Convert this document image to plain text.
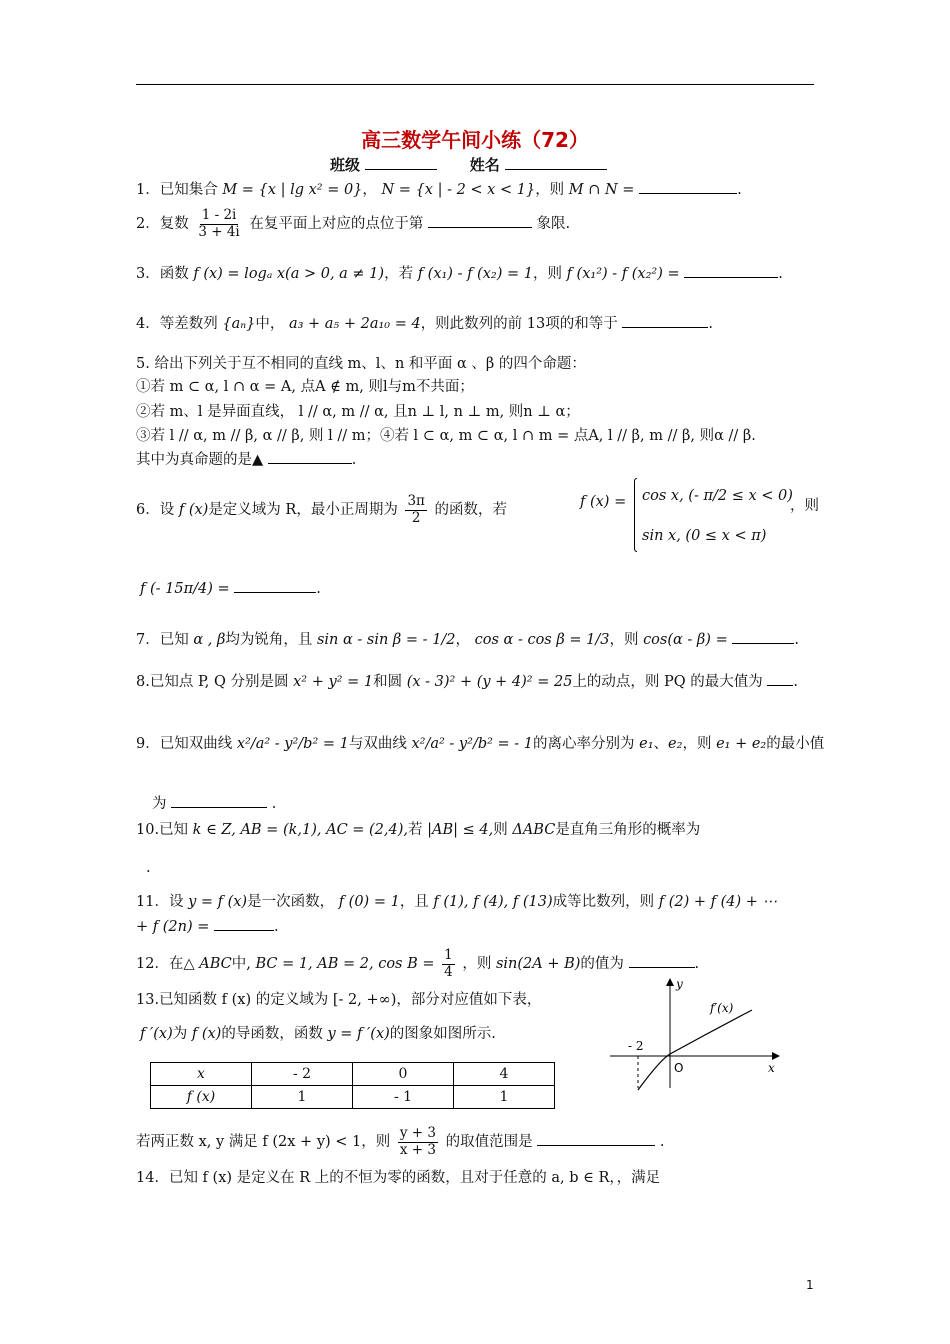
高三数学午间小练（72）
班级	姓名
1．已知集合 M = {x | lg x² = 0}， N = {x | - 2 < x < 1}，则 M ∩ N =	.
2．复数 $\frac{1 - 2i}{3 + 4i}$ 在复平面上对应的点位于第	象限.
3．函数 f (x) = logₐ x(a > 0, a ≠ 1)，若 f (x₁) - f (x₂) = 1，则 f (x₁²) - f (x₂²) =	.
4．等差数列 {aₙ}中， a₃ + a₅ + 2a₁₀ = 4，则此数列的前 13项的和等于	.
5. 给出下列关于互不相同的直线 m、l、n 和平面 α 、β 的四个命题：
①若 m ⊂ α, l ∩ α = A, 点A ∉ m, 则l与m不共面；
②若 m、l 是异面直线， l // α, m // α, 且n ⊥ l, n ⊥ m, 则n ⊥ α；
③若 l // α, m // β, α // β, 则 l // m；④若 l ⊂ α, m ⊂ α, l ∩ m = 点A, l // β, m // β, 则α // β.
其中为真命题的是▲	.
6．设 f (x)是定义域为 R，最小正周期为 $\frac{3\pi}{2}$ 的函数，若
f (x) = cos x, (- π/2 ≤ x < 0)
sin x, (0 ≤ x < π)
，则
f (- 15π/4) =	.
7．已知 α , β均为锐角，且 sin α - sin β = - 1/2， cos α - cos β = 1/3，则 cos(α - β) =	.
8.已知点 P, Q 分别是圆 x² + y² = 1和圆 (x - 3)² + (y + 4)² = 25上的动点，则 PQ 的最大值为 .
9．已知双曲线 x²/a² - y²/b² = 1与双曲线 x²/a² - y²/b² = - 1的离心率分别为 e₁、e₂，则 e₁ + e₂的最小值
为	.
10.已知 k ∈ Z, AB = (k,1), AC = (2,4),若 |AB| ≤ 4,则 ΔABC是直角三角形的概率为
.
11．设 y = f (x)是一次函数， f (0) = 1，且 f (1), f (4), f (13)成等比数列，则 f (2) + f (4) + ⋯
+ f (2n) =	.
12．在△ ABC中, BC = 1, AB = 2, $\cos B = \frac{1}{4}$ ，则 sin(2A + B)的值为	.
13.已知函数 f (x) 的定义域为 [- 2, +∞)，部分对应值如下表，
f ′(x)为 f (x)的导函数，函数 y = f ′(x)的图象如图所示.
x	- 2	0	4
f (x)	1	- 1	1
y
x
f′(x)
- 2
O
若两正数 x, y 满足 f (2x + y) < 1，则 $\frac{y + 3}{x + 3}$ 的取值范围是	.
14．已知 f (x) 是定义在 R 上的不恒为零的函数，且对于任意的 a, b ∈ R，，满足
1
